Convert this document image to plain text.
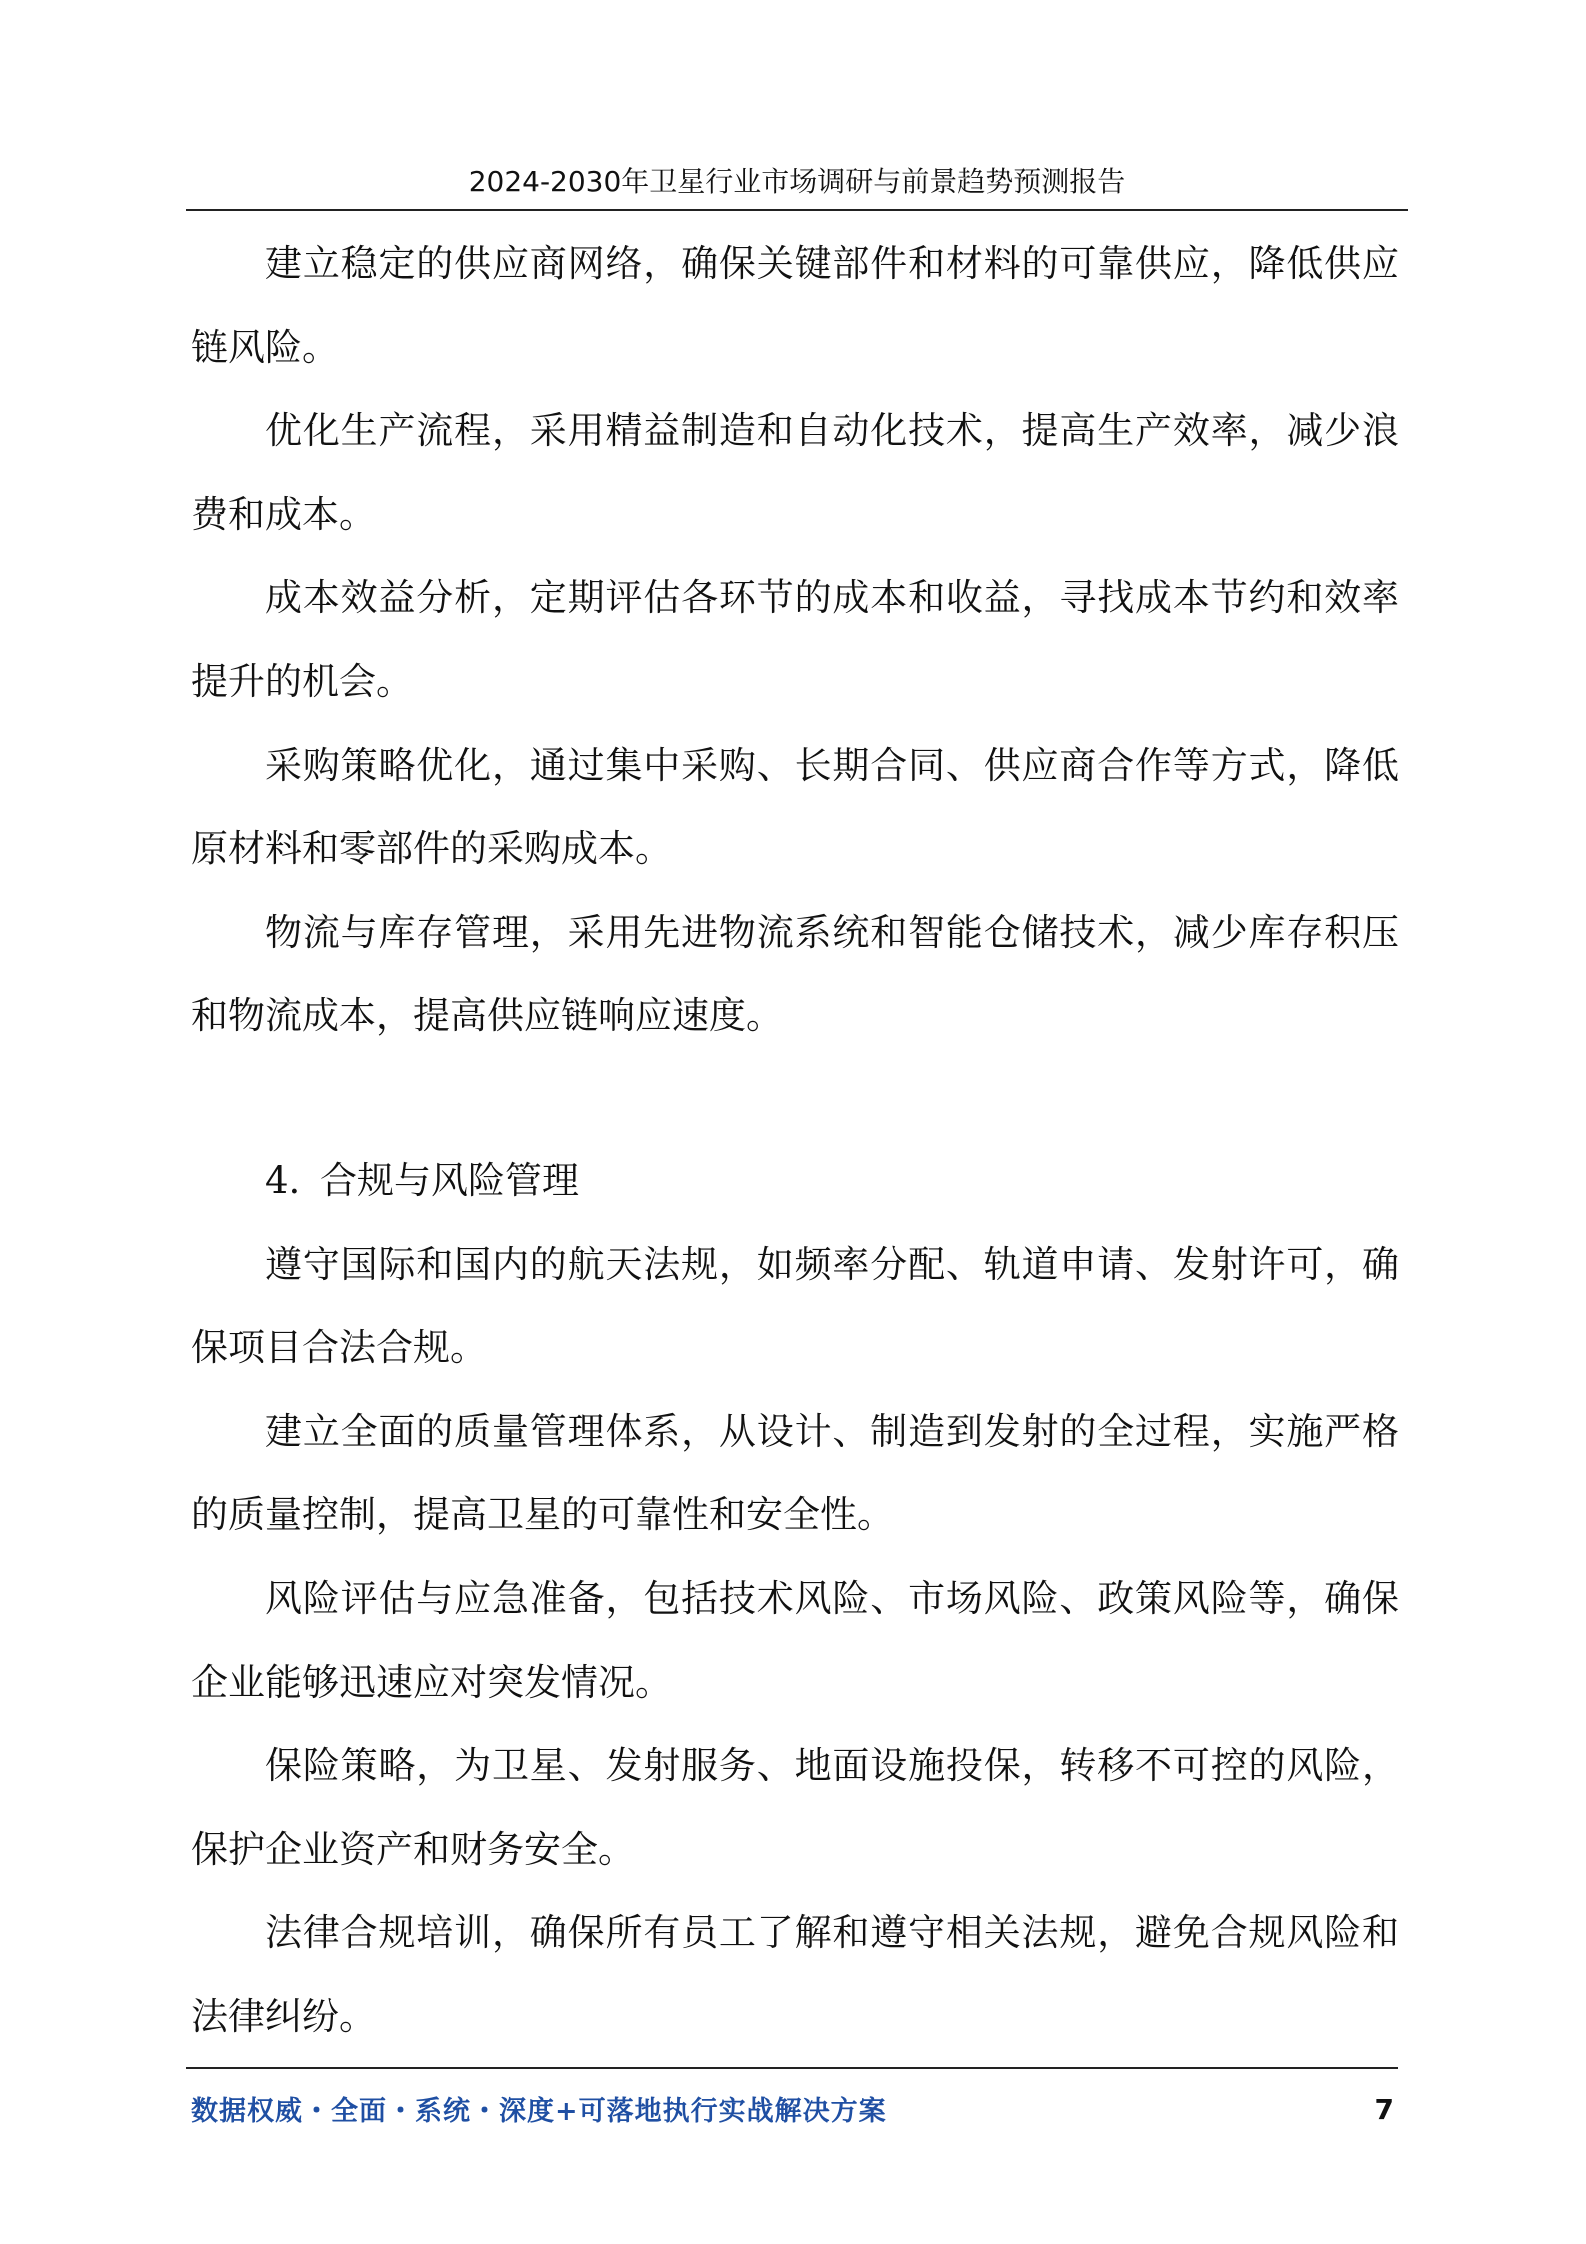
2024-2030年卫星行业市场调研与前景趋势预测报告

建立稳定的供应商网络，确保关键部件和材料的可靠供应，降低供应链风险。

优化生产流程，采用精益制造和自动化技术，提高生产效率，减少浪费和成本。

成本效益分析，定期评估各环节的成本和收益，寻找成本节约和效率提升的机会。

采购策略优化，通过集中采购、长期合同、供应商合作等方式，降低原材料和零部件的采购成本。

物流与库存管理，采用先进物流系统和智能仓储技术，减少库存积压和物流成本，提高供应链响应速度。

4. 合规与风险管理

遵守国际和国内的航天法规，如频率分配、轨道申请、发射许可，确保项目合法合规。

建立全面的质量管理体系，从设计、制造到发射的全过程，实施严格的质量控制，提高卫星的可靠性和安全性。

风险评估与应急准备，包括技术风险、市场风险、政策风险等，确保企业能够迅速应对突发情况。

保险策略，为卫星、发射服务、地面设施投保，转移不可控的风险，保护企业资产和财务安全。

法律合规培训，确保所有员工了解和遵守相关法规，避免合规风险和法律纠纷。

数据权威・全面・系统・深度+可落地执行实战解决方案	7
